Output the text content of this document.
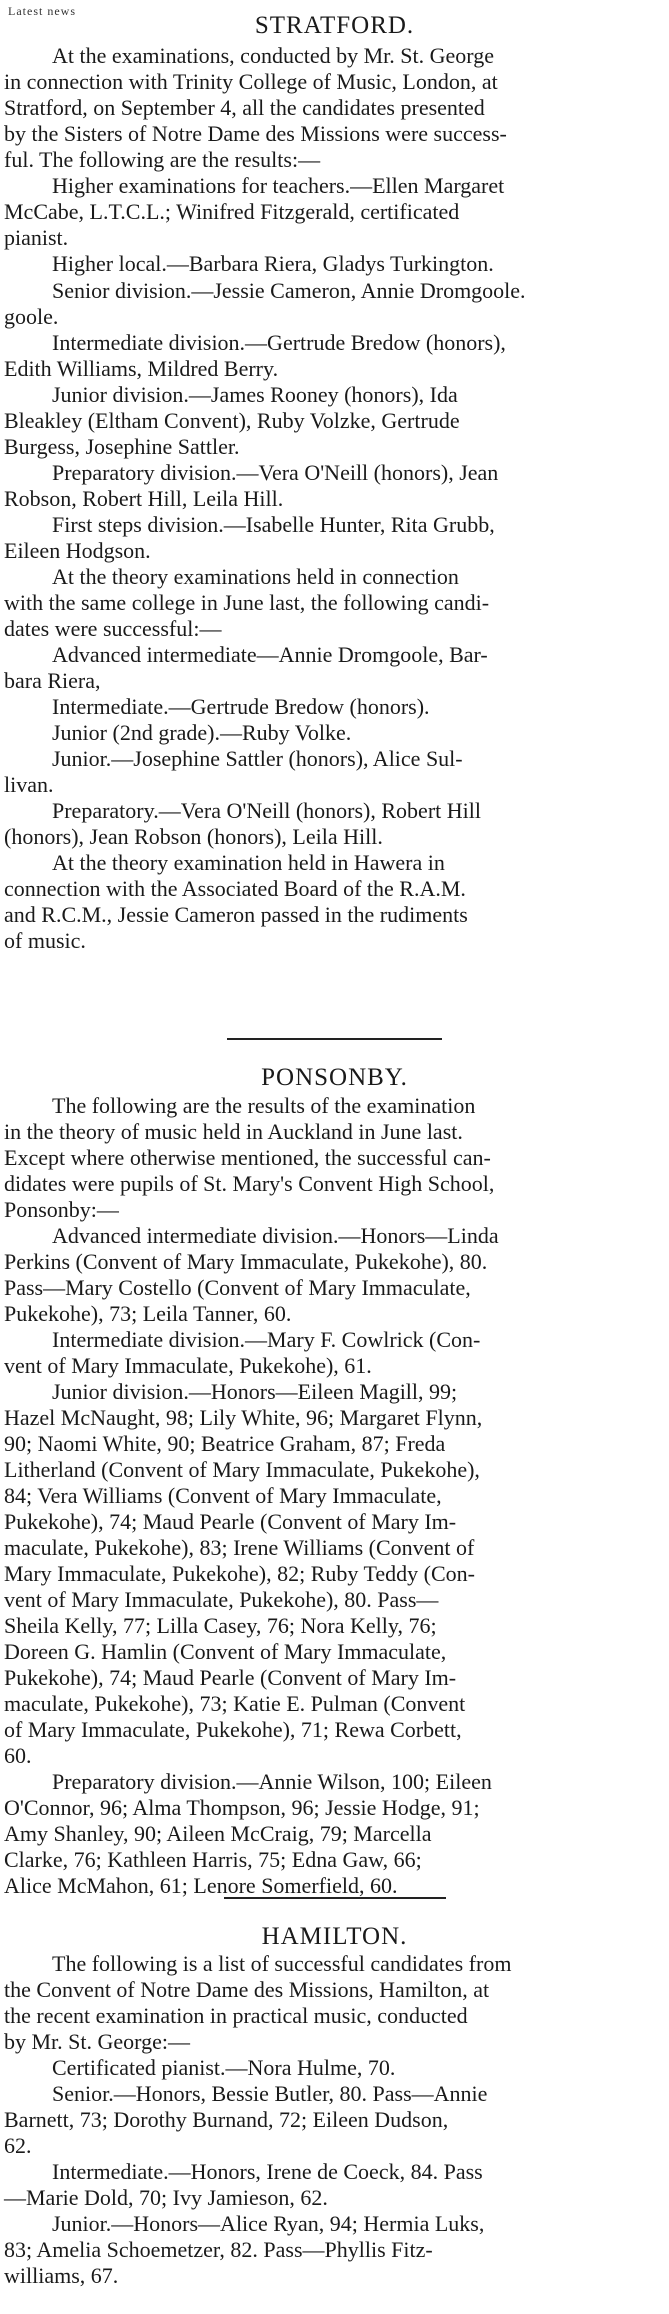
Latest news
STRATFORD.
At the examinations, conducted by Mr. St. George
in connection with Trinity College of Music, London, at
Stratford, on September 4, all the candidates presented
by the Sisters of Notre Dame des Missions were success-
ful. The following are the results:—
Higher examinations for teachers.—Ellen Margaret
McCabe, L.T.C.L.; Winifred Fitzgerald, certificated
pianist.
Higher local.—Barbara Riera, Gladys Turkington.
Senior division.—Jessie Cameron, Annie Dromgoole.
goole.
Intermediate division.—Gertrude Bredow (honors),
Edith Williams, Mildred Berry.
Junior division.—James Rooney (honors), Ida
Bleakley (Eltham Convent), Ruby Volzke, Gertrude
Burgess, Josephine Sattler.
Preparatory division.—Vera O'Neill (honors), Jean
Robson, Robert Hill, Leila Hill.
First steps division.—Isabelle Hunter, Rita Grubb,
Eileen Hodgson.
At the theory examinations held in connection
with the same college in June last, the following candi-
dates were successful:—
Advanced intermediate—Annie Dromgoole, Bar-
bara Riera,
Intermediate.—Gertrude Bredow (honors).
Junior (2nd grade).—Ruby Volke.
Junior.—Josephine Sattler (honors), Alice Sul-
livan.
Preparatory.—Vera O'Neill (honors), Robert Hill
(honors), Jean Robson (honors), Leila Hill.
At the theory examination held in Hawera in
connection with the Associated Board of the R.A.M.
and R.C.M., Jessie Cameron passed in the rudiments
of music.
PONSONBY.
The following are the results of the examination
in the theory of music held in Auckland in June last.
Except where otherwise mentioned, the successful can-
didates were pupils of St. Mary's Convent High School,
Ponsonby:—
Advanced intermediate division.—Honors—Linda
Perkins (Convent of Mary Immaculate, Pukekohe), 80.
Pass—Mary Costello (Convent of Mary Immaculate,
Pukekohe), 73; Leila Tanner, 60.
Intermediate division.—Mary F. Cowlrick (Con-
vent of Mary Immaculate, Pukekohe), 61.
Junior division.—Honors—Eileen Magill, 99;
Hazel McNaught, 98; Lily White, 96; Margaret Flynn,
90; Naomi White, 90; Beatrice Graham, 87; Freda
Litherland (Convent of Mary Immaculate, Pukekohe),
84; Vera Williams (Convent of Mary Immaculate,
Pukekohe), 74; Maud Pearle (Convent of Mary Im-
maculate, Pukekohe), 83; Irene Williams (Convent of
Mary Immaculate, Pukekohe), 82; Ruby Teddy (Con-
vent of Mary Immaculate, Pukekohe), 80. Pass—
Sheila Kelly, 77; Lilla Casey, 76; Nora Kelly, 76;
Doreen G. Hamlin (Convent of Mary Immaculate,
Pukekohe), 74; Maud Pearle (Convent of Mary Im-
maculate, Pukekohe), 73; Katie E. Pulman (Convent
of Mary Immaculate, Pukekohe), 71; Rewa Corbett,
60.
Preparatory division.—Annie Wilson, 100; Eileen
O'Connor, 96; Alma Thompson, 96; Jessie Hodge, 91;
Amy Shanley, 90; Aileen McCraig, 79; Marcella
Clarke, 76; Kathleen Harris, 75; Edna Gaw, 66;
Alice McMahon, 61; Lenore Somerfield, 60.
HAMILTON.
The following is a list of successful candidates from
the Convent of Notre Dame des Missions, Hamilton, at
the recent examination in practical music, conducted
by Mr. St. George:—
Certificated pianist.—Nora Hulme, 70.
Senior.—Honors, Bessie Butler, 80. Pass—Annie
Barnett, 73; Dorothy Burnand, 72; Eileen Dudson,
62.
Intermediate.—Honors, Irene de Coeck, 84. Pass
—Marie Dold, 70; Ivy Jamieson, 62.
Junior.—Honors—Alice Ryan, 94; Hermia Luks,
83; Amelia Schoemetzer, 82. Pass—Phyllis Fitz-
williams, 67.
